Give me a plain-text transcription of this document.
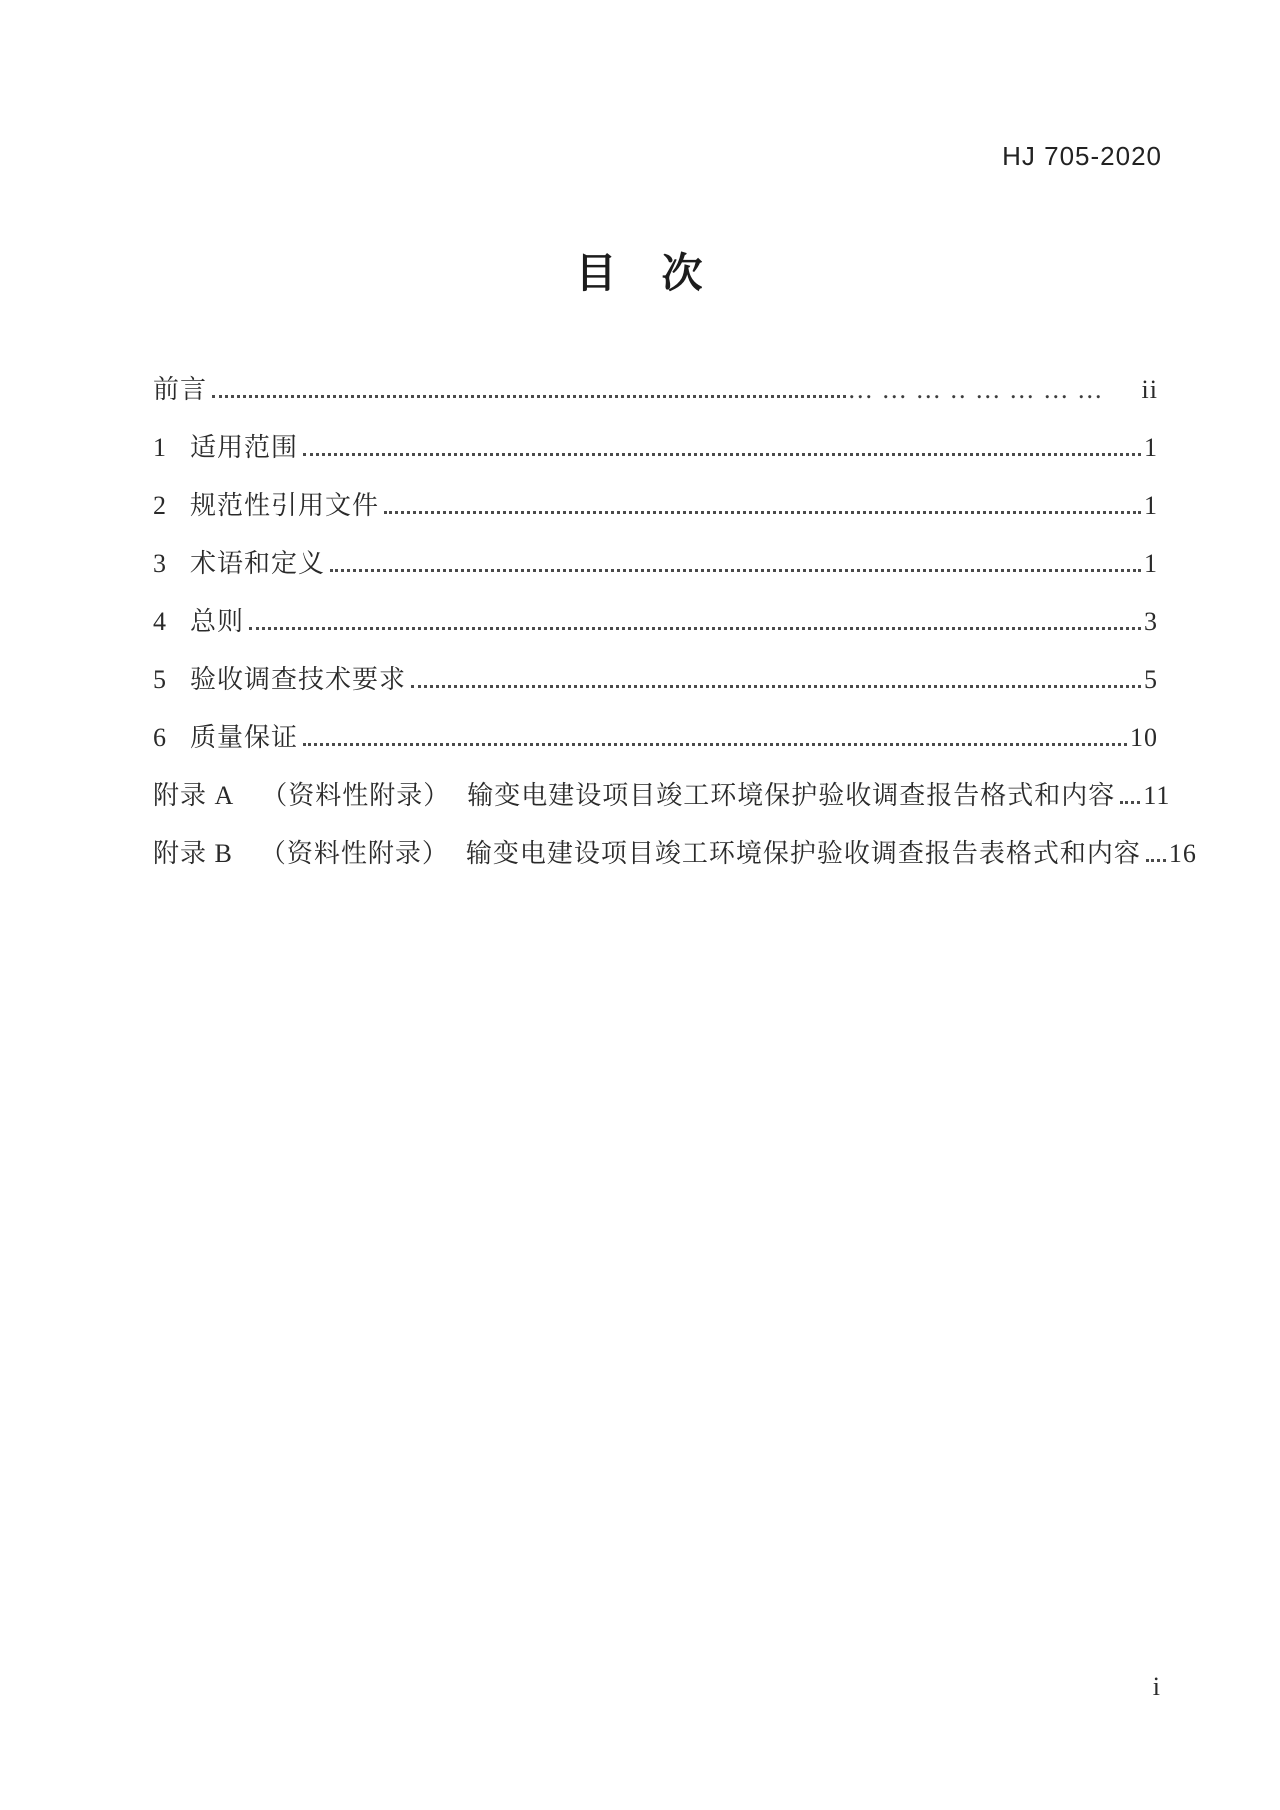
HJ 705-2020
目　次
前言	... ... ... .. ... ... ... ... ii
1 适用范围	1
2 规范性引用文件	1
3 术语和定义	1
4 总则	3
5 验收调查技术要求	5
6 质量保证	10
附录 A （资料性附录） 输变电建设项目竣工环境保护验收调查报告格式和内容 11
附录 B （资料性附录） 输变电建设项目竣工环境保护验收调查报告表格式和内容 16
i
